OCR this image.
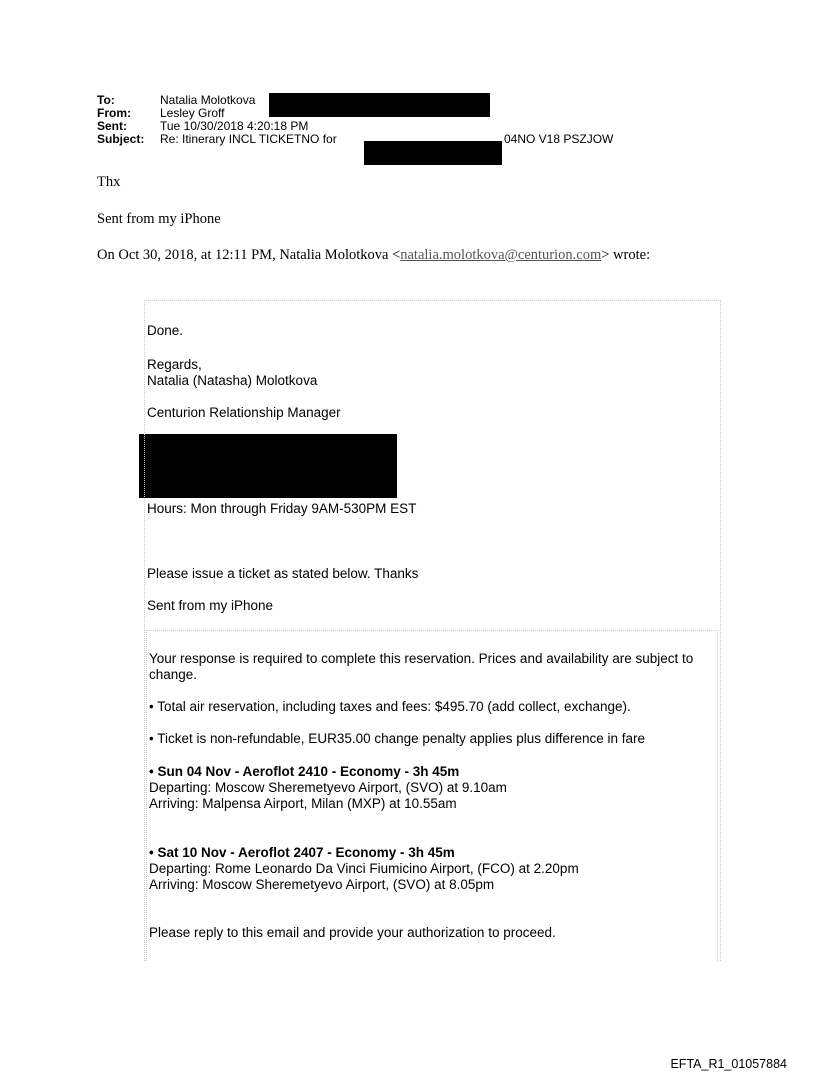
To:	Natalia Molotkova
From:	Lesley Groff
Sent:	Tue 10/30/2018 4:20:18 PM
Subject:	Re: Itinerary INCL TICKETNO for	04NO V18 PSZJOW
Thx
Sent from my iPhone
On Oct 30, 2018, at 12:11 PM, Natalia Molotkova <natalia.molotkova@centurion.com> wrote:
Done.
Regards,
Natalia (Natasha) Molotkova
Centurion Relationship Manager
Hours: Mon through Friday 9AM-530PM EST
Please issue a ticket as stated below. Thanks
Sent from my iPhone
Your response is required to complete this reservation. Prices and availability are subject to change.
• Total air reservation, including taxes and fees: $495.70 (add collect, exchange).
• Ticket is non-refundable, EUR35.00 change penalty applies plus difference in fare
• Sun 04 Nov - Aeroflot 2410 - Economy - 3h 45m
Departing: Moscow Sheremetyevo Airport, (SVO) at 9.10am
Arriving: Malpensa Airport, Milan (MXP) at 10.55am
• Sat 10 Nov - Aeroflot 2407 - Economy - 3h 45m
Departing: Rome Leonardo Da Vinci Fiumicino Airport, (FCO) at 2.20pm
Arriving: Moscow Sheremetyevo Airport, (SVO) at 8.05pm
Please reply to this email and provide your authorization to proceed.
EFTA_R1_01057884
